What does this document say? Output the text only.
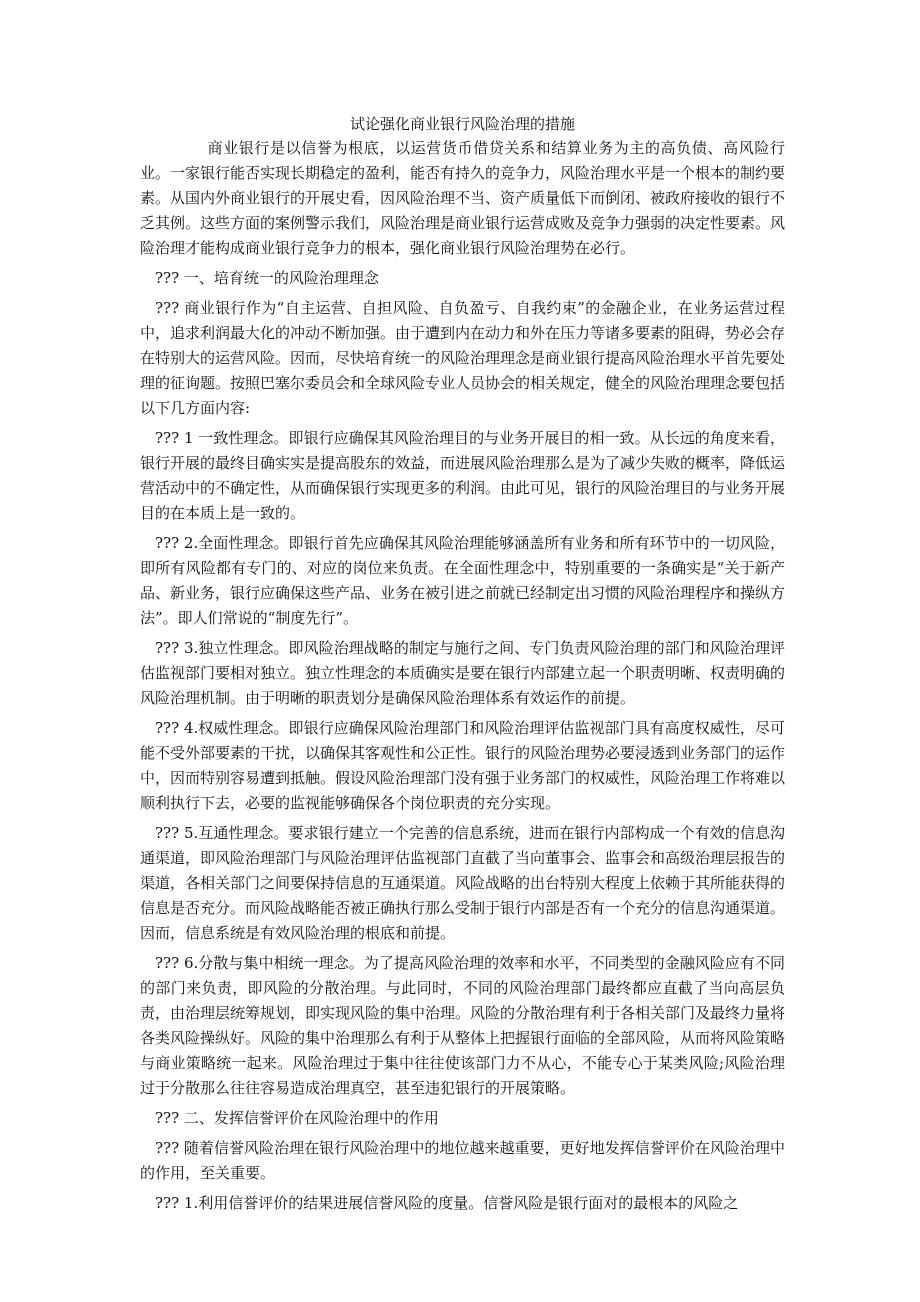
试论强化商业银行风险治理的措施

商业银行是以信誉为根底，以运营货币借贷关系和结算业务为主的高负债、高风险行业。一家银行能否实现长期稳定的盈利，能否有持久的竞争力，风险治理水平是一个根本的制约要素。从国内外商业银行的开展史看，因风险治理不当、资产质量低下而倒闭、被政府接收的银行不乏其例。这些方面的案例警示我们，风险治理是商业银行运营成败及竞争力强弱的决定性要素。风险治理才能构成商业银行竞争力的根本，强化商业银行风险治理势在必行。

??? 一、培育统一的风险治理理念

??? 商业银行作为“自主运营、自担风险、自负盈亏、自我约束”的金融企业，在业务运营过程中，追求利润最大化的冲动不断加强。由于遭到内在动力和外在压力等诸多要素的阻碍，势必会存在特别大的运营风险。因而，尽快培育统一的风险治理理念是商业银行提高风险治理水平首先要处理的征询题。按照巴塞尔委员会和全球风险专业人员协会的相关规定，健全的风险治理理念要包括以下几方面内容:

??? 1 一致性理念。即银行应确保其风险治理目的与业务开展目的相一致。从长远的角度来看，银行开展的最终目确实实是提高股东的效益，而进展风险治理那么是为了减少失败的概率，降低运营活动中的不确定性，从而确保银行实现更多的利润。由此可见，银行的风险治理目的与业务开展目的在本质上是一致的。

??? 2.全面性理念。即银行首先应确保其风险治理能够涵盖所有业务和所有环节中的一切风险，即所有风险都有专门的、对应的岗位来负责。在全面性理念中，特别重要的一条确实是“关于新产品、新业务，银行应确保这些产品、业务在被引进之前就已经制定出习惯的风险治理程序和操纵方法”。即人们常说的“制度先行”。

??? 3.独立性理念。即风险治理战略的制定与施行之间、专门负责风险治理的部门和风险治理评估监视部门要相对独立。独立性理念的本质确实是要在银行内部建立起一个职责明晰、权责明确的风险治理机制。由于明晰的职责划分是确保风险治理体系有效运作的前提。

??? 4.权威性理念。即银行应确保风险治理部门和风险治理评估监视部门具有高度权威性，尽可能不受外部要素的干扰，以确保其客观性和公正性。银行的风险治理势必要浸透到业务部门的运作中，因而特别容易遭到抵触。假设风险治理部门没有强于业务部门的权威性，风险治理工作将难以顺利执行下去，必要的监视能够确保各个岗位职责的充分实现。

??? 5.互通性理念。要求银行建立一个完善的信息系统，进而在银行内部构成一个有效的信息沟通渠道，即风险治理部门与风险治理评估监视部门直截了当向董事会、监事会和高级治理层报告的渠道，各相关部门之间要保持信息的互通渠道。风险战略的出台特别大程度上依赖于其所能获得的信息是否充分。而风险战略能否被正确执行那么受制于银行内部是否有一个充分的信息沟通渠道。因而，信息系统是有效风险治理的根底和前提。

??? 6.分散与集中相统一理念。为了提高风险治理的效率和水平，不同类型的金融风险应有不同的部门来负责，即风险的分散治理。与此同时，不同的风险治理部门最终都应直截了当向高层负责，由治理层统筹规划，即实现风险的集中治理。风险的分散治理有利于各相关部门及最终力量将各类风险操纵好。风险的集中治理那么有利于从整体上把握银行面临的全部风险，从而将风险策略与商业策略统一起来。风险治理过于集中往往使该部门力不从心，不能专心于某类风险;风险治理过于分散那么往往容易造成治理真空，甚至违犯银行的开展策略。

??? 二、发挥信誉评价在风险治理中的作用

??? 随着信誉风险治理在银行风险治理中的地位越来越重要，更好地发挥信誉评价在风险治理中的作用，至关重要。

??? 1.利用信誉评价的结果进展信誉风险的度量。信誉风险是银行面对的最根本的风险之
